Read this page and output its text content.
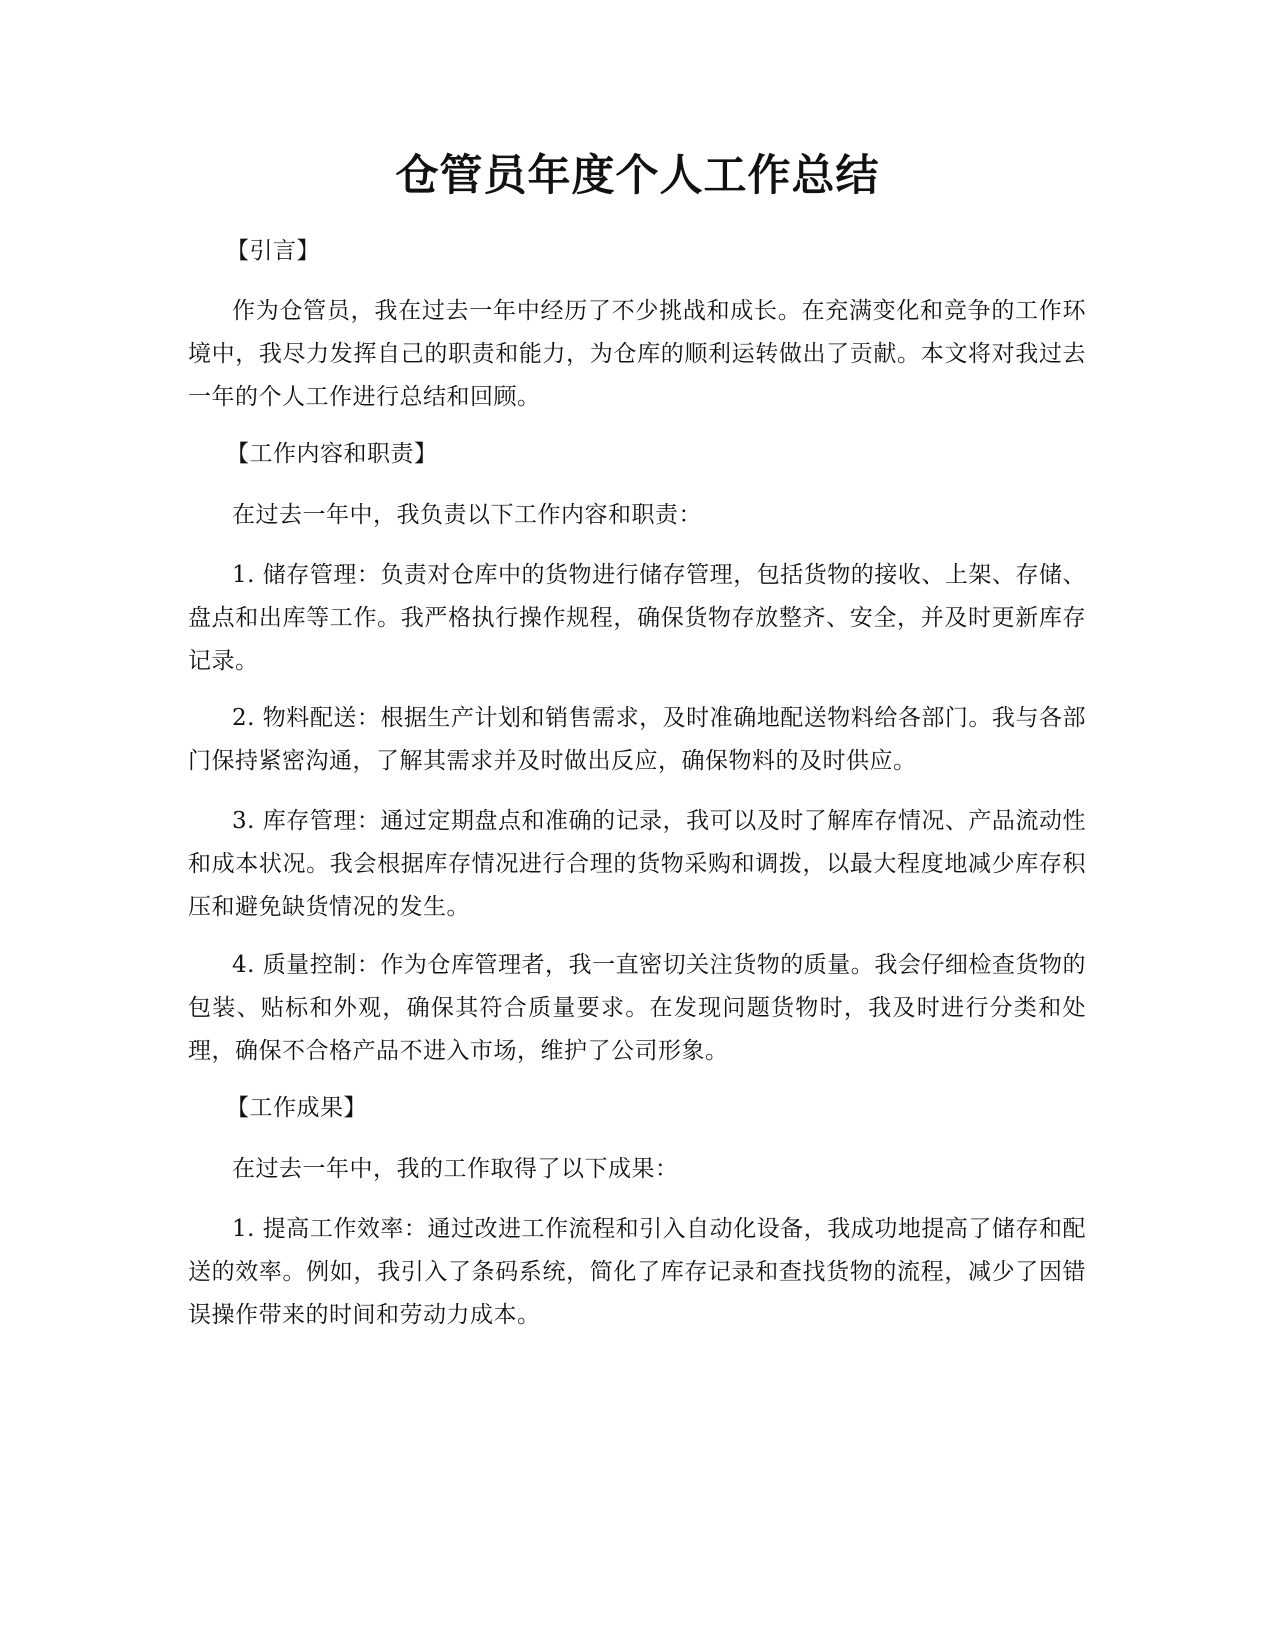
仓管员年度个人工作总结

【引言】

作为仓管员，我在过去一年中经历了不少挑战和成长。在充满变化和竞争的工作环境中，我尽力发挥自己的职责和能力，为仓库的顺利运转做出了贡献。本文将对我过去一年的个人工作进行总结和回顾。

【工作内容和职责】

在过去一年中，我负责以下工作内容和职责：

1. 储存管理：负责对仓库中的货物进行储存管理，包括货物的接收、上架、存储、盘点和出库等工作。我严格执行操作规程，确保货物存放整齐、安全，并及时更新库存记录。

2. 物料配送：根据生产计划和销售需求，及时准确地配送物料给各部门。我与各部门保持紧密沟通，了解其需求并及时做出反应，确保物料的及时供应。

3. 库存管理：通过定期盘点和准确的记录，我可以及时了解库存情况、产品流动性和成本状况。我会根据库存情况进行合理的货物采购和调拨，以最大程度地减少库存积压和避免缺货情况的发生。

4. 质量控制：作为仓库管理者，我一直密切关注货物的质量。我会仔细检查货物的包装、贴标和外观，确保其符合质量要求。在发现问题货物时，我及时进行分类和处理，确保不合格产品不进入市场，维护了公司形象。

【工作成果】

在过去一年中，我的工作取得了以下成果：

1. 提高工作效率：通过改进工作流程和引入自动化设备，我成功地提高了储存和配送的效率。例如，我引入了条码系统，简化了库存记录和查找货物的流程，减少了因错误操作带来的时间和劳动力成本。
